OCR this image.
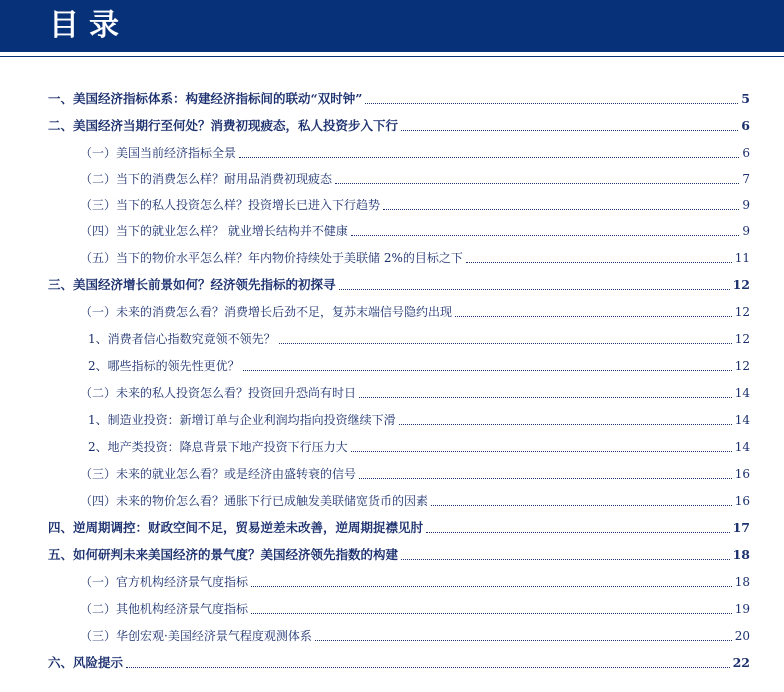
目录
一、美国经济指标体系：构建经济指标间的联动“双时钟”	5
二、美国经济当期行至何处？消费初现疲态，私人投资步入下行	6
（一）美国当前经济指标全景	6
（二）当下的消费怎么样？耐用品消费初现疲态	7
（三）当下的私人投资怎么样？投资增长已进入下行趋势	9
（四）当下的就业怎么样？ 就业增长结构并不健康	9
（五）当下的物价水平怎么样？年内物价持续处于美联储 2%的目标之下	11
三、美国经济增长前景如何？经济领先指标的初探寻	12
（一）未来的消费怎么看？消费增长后劲不足，复苏末端信号隐约出现	12
1、消费者信心指数究竟领不领先？	12
2、哪些指标的领先性更优？	12
（二）未来的私人投资怎么看？投资回升恐尚有时日	14
1、制造业投资：新增订单与企业利润均指向投资继续下滑	14
2、地产类投资：降息背景下地产投资下行压力大	14
（三）未来的就业怎么看？或是经济由盛转衰的信号	16
（四）未来的物价怎么看？通胀下行已成触发美联储宽货币的因素	16
四、逆周期调控：财政空间不足，贸易逆差未改善，逆周期捉襟见肘	17
五、如何研判未来美国经济的景气度？美国经济领先指数的构建	18
（一）官方机构经济景气度指标	18
（二）其他机构经济景气度指标	19
（三）华创宏观·美国经济景气程度观测体系	20
六、风险提示	22
